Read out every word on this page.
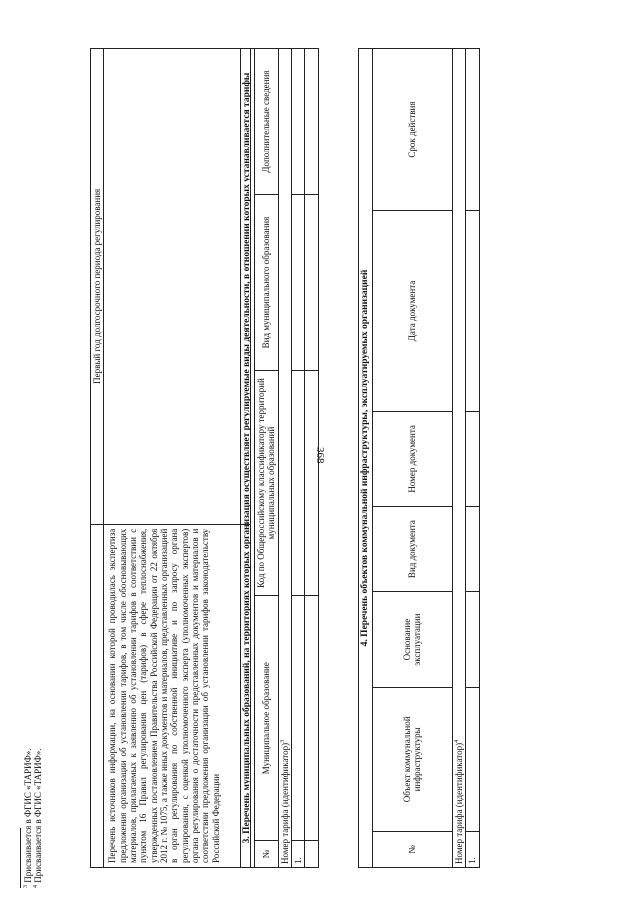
368
	Первый год долгосрочного периода регулирования
Перечень источников информации, на основании которой проводилась экспертиза предложения организации об установлении тарифов, в том числе обосновывающих материалов, прилагаемых к заявлению об установлении тарифов в соответствии с пунктом 16 Правил регулирования цен (тарифов) в сфере теплоснабжения, утвержденных постановлением Правительства Российской Федерации от 22 октября 2012 г. № 1075, а также иных документов и материалов, представленных организацией в орган регулирования по собственной инициативе и по запросу органа регулирования, с оценкой уполномоченного эксперта (уполномоченных экспертов) органа регулирования о достаточности представленных документов и материалов и соответствии предложения организации об установлении тарифов законодательству Российской Федерации	3. Перечень муниципальных образований, на территориях которых организация осуществляет регулируемые виды деятельности, в отношении которых устанавливается тарифы				
№	Муниципальное образование	Код по Общероссийскому классификатору территорий муниципальных образований	Вид муниципального образования	Дополнительные сведения
Номер тарифа (идентификатор)$^3$
1.				

4. Перечень объектов коммунальной инфраструктуры, эксплуатируемых организацией						
№	Объект коммунальной инфраструктуры	Основание эксплуатации	Вид документа	Номер документа	Дата документа	Срок действия
Номер тарифа (идентификатор)$^4$
1.						
$^3$ Присваивается в ФГИС «ТАРИФ».
$^4$ Присваивается в ФГИС «ТАРИФ».
